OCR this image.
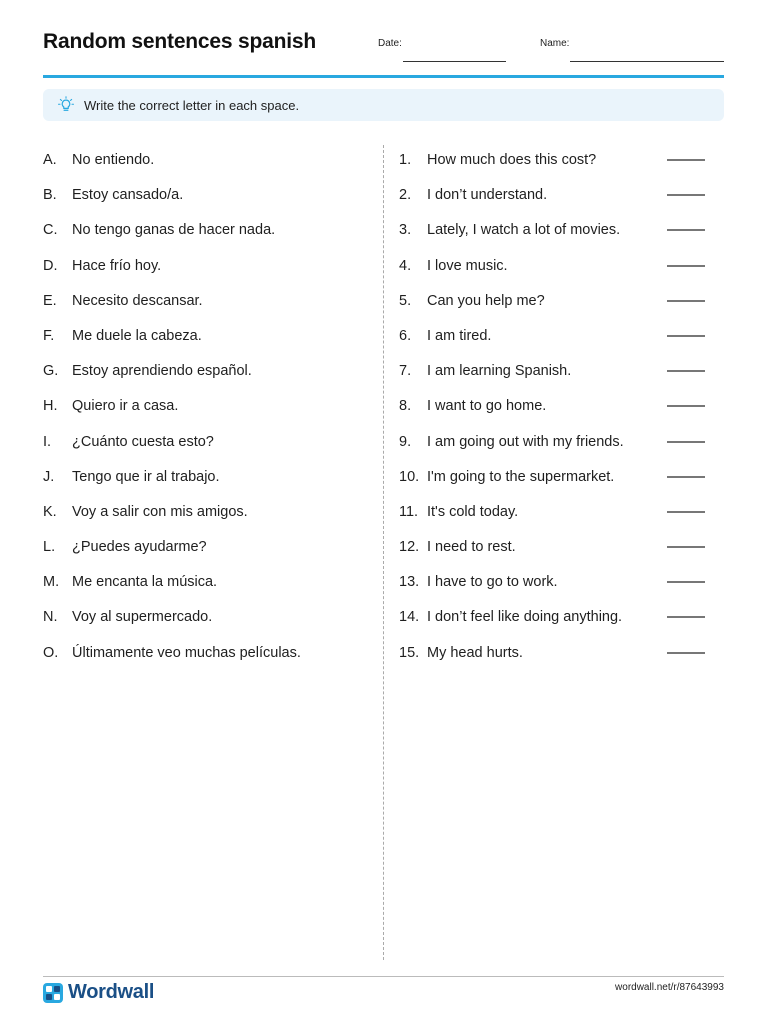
Random sentences spanish	Date:	Name:
Write the correct letter in each space.
A.	No entiendo.
B.	Estoy cansado/a.
C.	No tengo ganas de hacer nada.
D.	Hace frío hoy.
E.	Necesito descansar.
F.	Me duele la cabeza.
G. Estoy aprendiendo español.
H.	Quiero ir a casa.
I.	¿Cuánto cuesta esto?
J.	Tengo que ir al trabajo.
K.	Voy a salir con mis amigos.
L.	¿Puedes ayudarme?
M. Me encanta la música.
N.	Voy al supermercado.
O. Últimamente veo muchas películas.
1.	How much does this cost?
2.	I don’t understand.
3.	Lately, I watch a lot of movies.
4.	I love music.
5.	Can you help me?
6.	I am tired.
7.	I am learning Spanish.
8.	I want to go home.
9.	I am going out with my friends.
10. I'm going to the supermarket.
11. It's cold today.
12. I need to rest.
13. I have to go to work.
14. I don’t feel like doing anything.
15. My head hurts.
Wordwall	wordwall.net/r/87643993
